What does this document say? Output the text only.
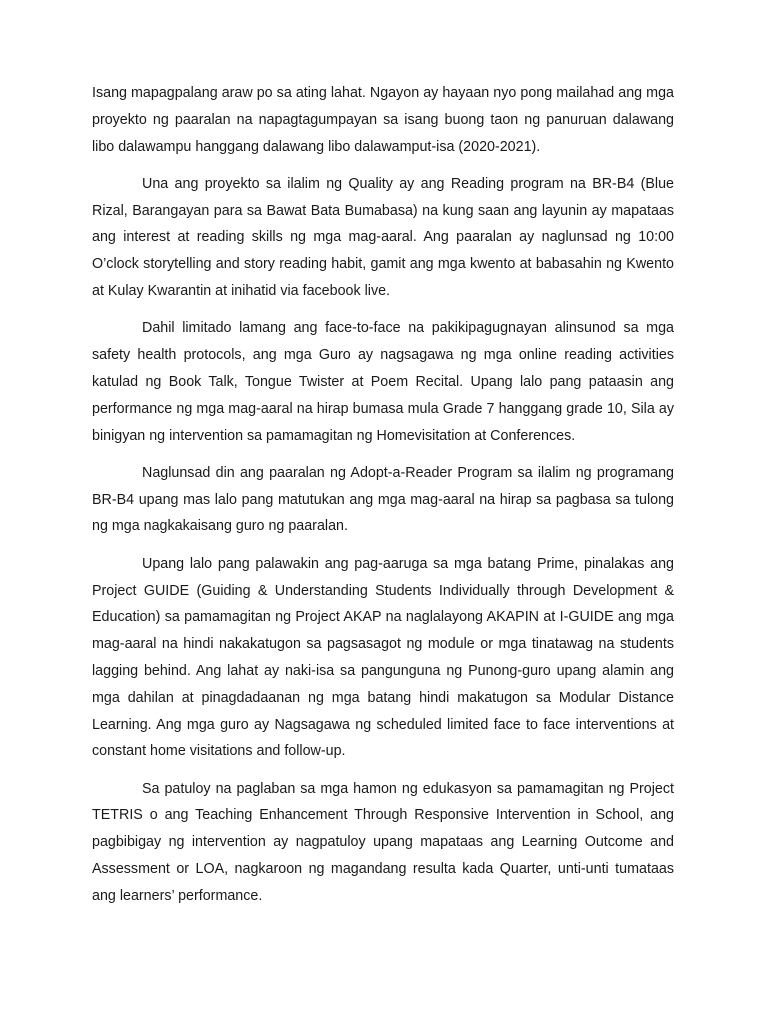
Isang mapagpalang araw po sa ating lahat. Ngayon ay hayaan nyo pong mailahad ang mga proyekto ng paaralan na napagtagumpayan sa isang buong taon ng panuruan dalawang libo dalawampu hanggang dalawang libo dalawamput-isa (2020-2021).

Una ang proyekto sa ilalim ng Quality ay ang Reading program na BR-B4 (Blue Rizal, Barangayan para sa Bawat Bata Bumabasa) na kung saan ang layunin ay mapataas ang interest at reading skills ng mga mag-aaral. Ang paaralan ay naglunsad ng 10:00 O’clock storytelling and story reading habit, gamit ang mga kwento at babasahin ng Kwento at Kulay Kwarantin at inihatid via facebook live.

Dahil limitado lamang ang face-to-face na pakikipagugnayan alinsunod sa mga safety health protocols, ang mga Guro ay nagsagawa ng mga online reading activities katulad ng Book Talk, Tongue Twister at Poem Recital. Upang lalo pang pataasin ang performance ng mga mag-aaral na hirap bumasa mula Grade 7 hanggang grade 10, Sila ay binigyan ng intervention sa pamamagitan ng Homevisitation at Conferences.

Naglunsad din ang paaralan ng Adopt-a-Reader Program sa ilalim ng programang BR-B4 upang mas lalo pang matutukan ang mga mag-aaral na hirap sa pagbasa sa tulong ng mga nagkakaisang guro ng paaralan.

Upang lalo pang palawakin ang pag-aaruga sa mga batang Prime, pinalakas ang Project GUIDE (Guiding & Understanding Students Individually through Development & Education) sa pamamagitan ng Project AKAP na naglalayong AKAPIN at I-GUIDE ang mga mag-aaral na hindi nakakatugon sa pagsasagot ng module or mga tinatawag na students lagging behind. Ang lahat ay naki-isa sa pangunguna ng Punong-guro upang alamin ang mga dahilan at pinagdadaanan ng mga batang hindi makatugon sa Modular Distance Learning. Ang mga guro ay Nagsagawa ng scheduled limited face to face interventions at constant home visitations and follow-up.

Sa patuloy na paglaban sa mga hamon ng edukasyon sa pamamagitan ng Project TETRIS o ang Teaching Enhancement Through Responsive Intervention in School, ang pagbibigay ng intervention ay nagpatuloy upang mapataas ang Learning Outcome and Assessment or LOA, nagkaroon ng magandang resulta kada Quarter, unti-unti tumataas ang learners’ performance.
